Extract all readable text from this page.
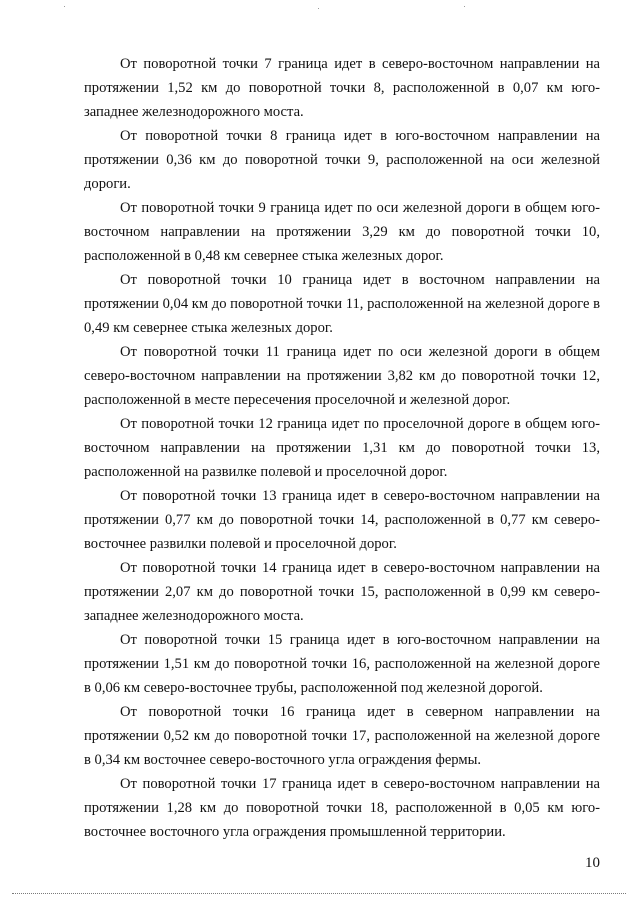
От поворотной точки 7 граница идет в северо-восточном направлении на протяжении 1,52 км до поворотной точки 8, расположенной в 0,07 км юго-западнее железнодорожного моста.

От поворотной точки 8 граница идет в юго-восточном направлении на протяжении 0,36 км до поворотной точки 9, расположенной на оси железной дороги.

От поворотной точки 9 граница идет по оси железной дороги в общем юго-восточном направлении на протяжении 3,29 км до поворотной точки 10, расположенной в 0,48 км севернее стыка железных дорог.

От поворотной точки 10 граница идет в восточном направлении на протяжении 0,04 км до поворотной точки 11, расположенной на железной дороге в 0,49 км севернее стыка железных дорог.

От поворотной точки 11 граница идет по оси железной дороги в общем северо-восточном направлении на протяжении 3,82 км до поворотной точки 12, расположенной в месте пересечения проселочной и железной дорог.

От поворотной точки 12 граница идет по проселочной дороге в общем юго-восточном направлении на протяжении 1,31 км до поворотной точки 13, расположенной на развилке полевой и проселочной дорог.

От поворотной точки 13 граница идет в северо-восточном направлении на протяжении 0,77 км до поворотной точки 14, расположенной в 0,77 км северо-восточнее развилки полевой и проселочной дорог.

От поворотной точки 14 граница идет в северо-восточном направлении на протяжении 2,07 км до поворотной точки 15, расположенной в 0,99 км северо-западнее железнодорожного моста.

От поворотной точки 15 граница идет в юго-восточном направлении на протяжении 1,51 км до поворотной точки 16, расположенной на железной дороге в 0,06 км северо-восточнее трубы, расположенной под железной дорогой.

От поворотной точки 16 граница идет в северном направлении на протяжении 0,52 км до поворотной точки 17, расположенной на железной дороге в 0,34 км восточнее северо-восточного угла ограждения фермы.

От поворотной точки 17 граница идет в северо-восточном направлении на протяжении 1,28 км до поворотной точки 18, расположенной в 0,05 км юго-восточнее восточного угла ограждения промышленной территории.

10
